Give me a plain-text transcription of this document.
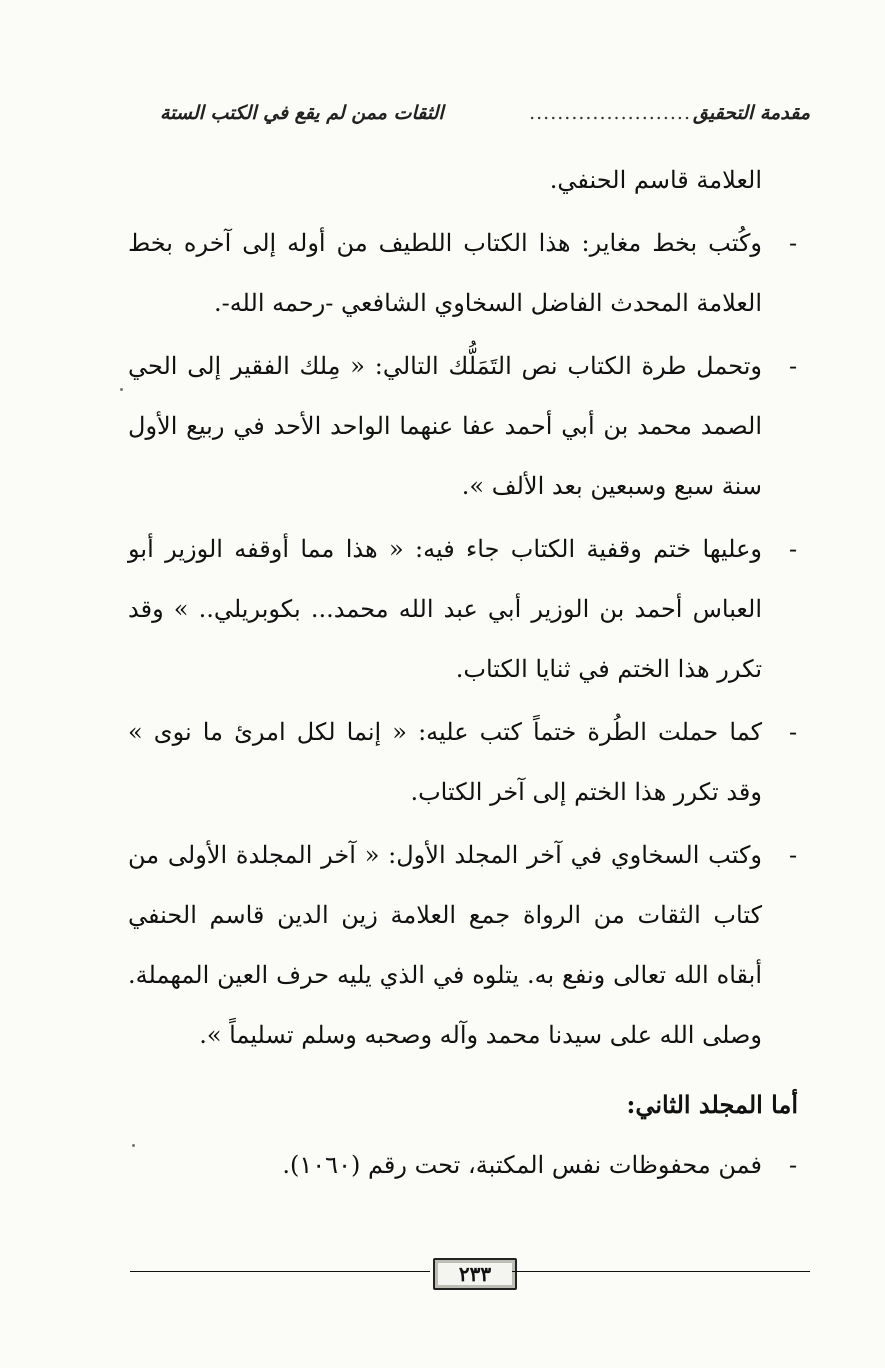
مقدمة التحقيق
.......................
الثقات ممن لم يقع في الكتب الستة

العلامة قاسم الحنفي.

-
وكُتب بخط مغاير: هذا الكتاب اللطيف من أوله إلى آخره بخط العلامة المحدث الفاضل السخاوي الشافعي -رحمه الله-.
-
وتحمل طرة الكتاب نص التَمَلُّك التالي: « مِلك الفقير إلى الحي الصمد محمد بن أبي أحمد عفا عنهما الواحد الأحد في ربيع الأول سنة سبع وسبعين بعد الألف ».
-
وعليها ختم وقفية الكتاب جاء فيه: « هذا مما أوقفه الوزير أبو العباس أحمد بن الوزير أبي عبد الله محمد... بكوبريلي.. » وقد تكرر هذا الختم في ثنايا الكتاب.
-
كما حملت الطُرة ختماً كتب عليه: « إنما لكل امرئ ما نوى » وقد تكرر هذا الختم إلى آخر الكتاب.
-
وكتب السخاوي في آخر المجلد الأول: « آخر المجلدة الأولى من كتاب الثقات من الرواة جمع العلامة زين الدين قاسم الحنفي أبقاه الله تعالى ونفع به. يتلوه في الذي يليه حرف العين المهملة. وصلى الله على سيدنا محمد وآله وصحبه وسلم تسليماً ».
أما المجلد الثاني:
-
فمن محفوظات نفس المكتبة، تحت رقم (١٠٦٠).
٢٣٣
